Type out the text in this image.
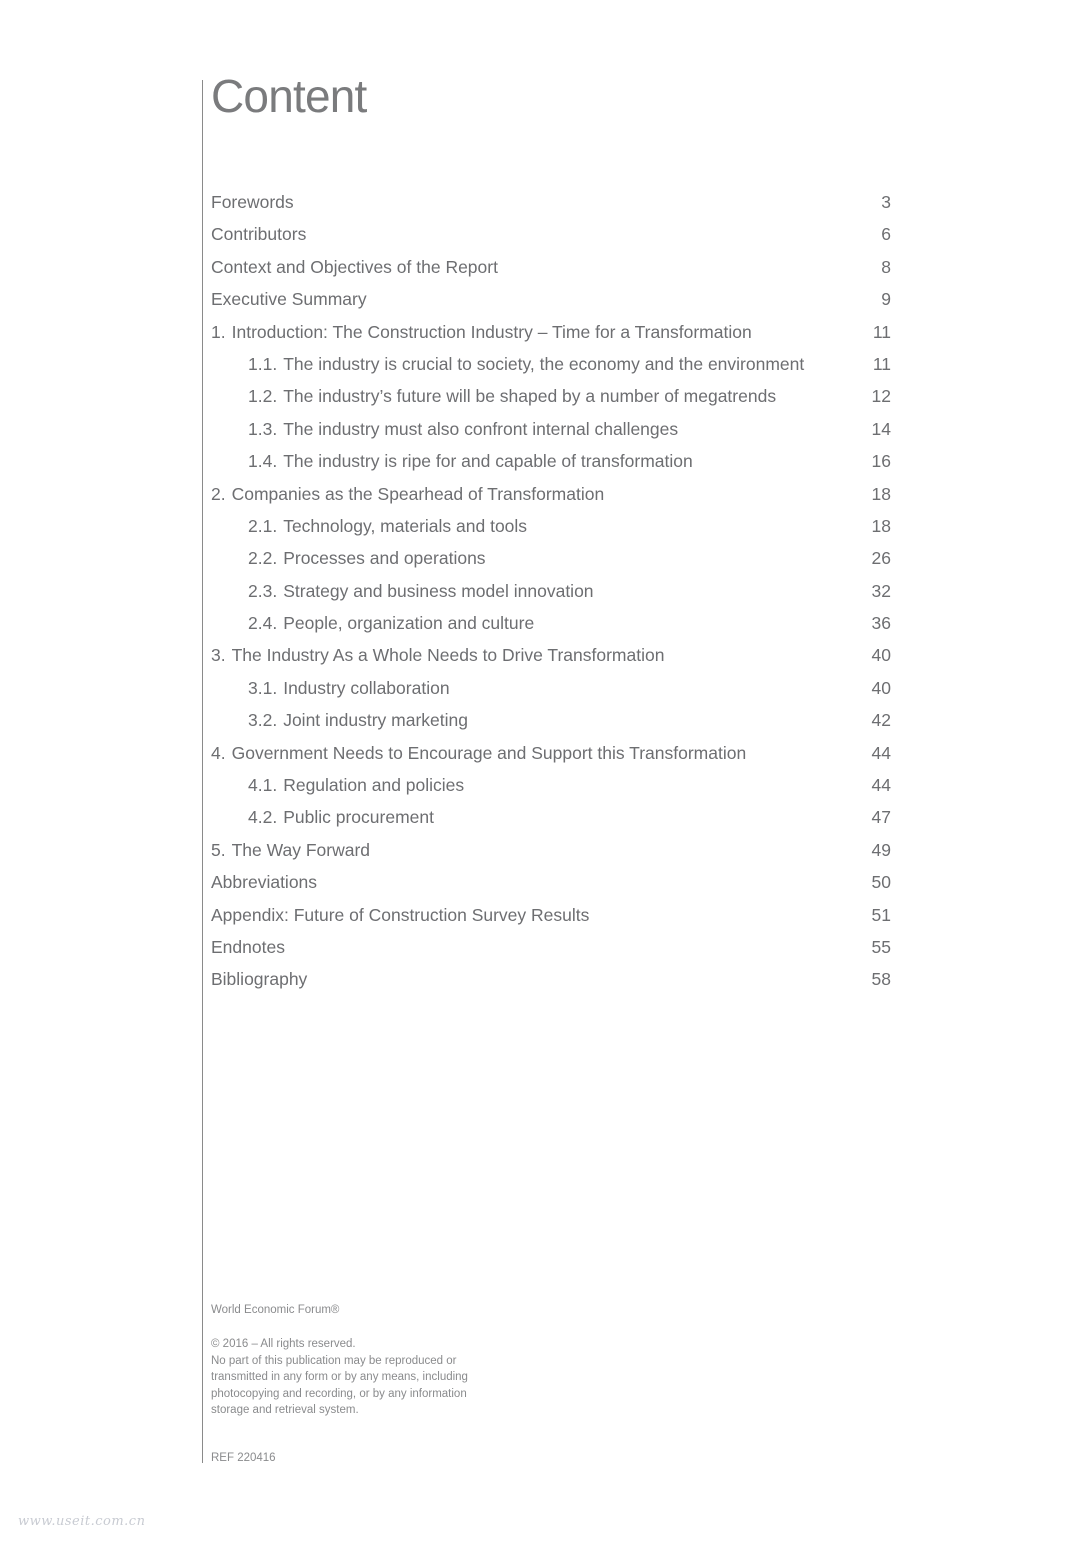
Content
Forewords	3
Contributors	6
Context and Objectives of the Report	8
Executive Summary	9
1. Introduction: The Construction Industry – Time for a Transformation	11
1.1. The industry is crucial to society, the economy and the environment	11
1.2. The industry’s future will be shaped by a number of megatrends	12
1.3. The industry must also confront internal challenges	14
1.4. The industry is ripe for and capable of transformation	16
2. Companies as the Spearhead of Transformation	18
2.1. Technology, materials and tools	18
2.2. Processes and operations	26
2.3. Strategy and business model innovation	32
2.4. People, organization and culture	36
3. The Industry As a Whole Needs to Drive Transformation	40
3.1. Industry collaboration	40
3.2. Joint industry marketing	42
4. Government Needs to Encourage and Support this Transformation	44
4.1. Regulation and policies	44
4.2. Public procurement	47
5. The Way Forward	49
Abbreviations	50
Appendix: Future of Construction Survey Results	51
Endnotes	55
Bibliography	58

World Economic Forum®

© 2016 – All rights reserved.

No part of this publication may be reproduced or

transmitted in any form or by any means, including

photocopying and recording, or by any information

storage and retrieval system.

REF 220416

www.useit.com.cn
